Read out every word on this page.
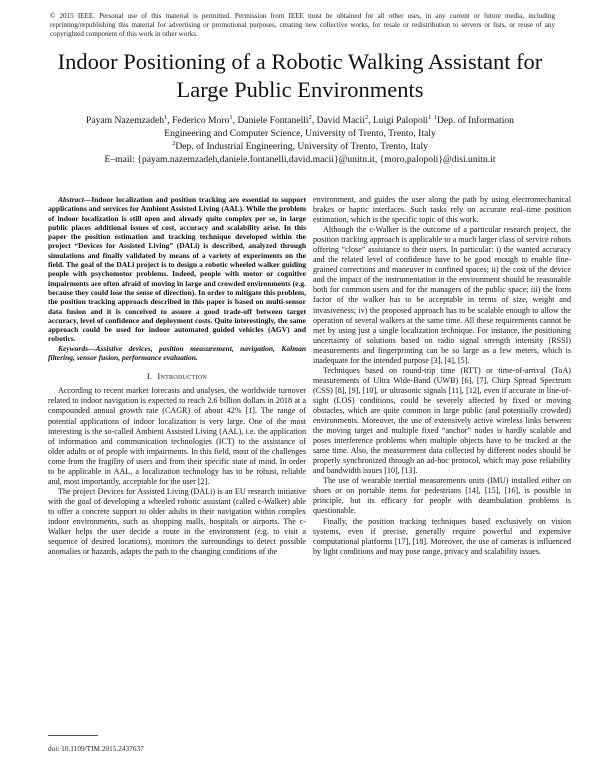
© 2015 IEEE. Personal use of this material is permitted. Permission from IEEE must be obtained for all other uses, in any current or future media, including reprinting/republishing this material for advertising or promotional purposes, creating new collective works, for resale or redistribution to servers or lists, or reuse of any copyrighted component of this work in other works.
Indoor Positioning of a Robotic Walking Assistant for Large Public Environments
Payam Nazemzadeh$^1$, Federico Moro$^1$, Daniele Fontanelli$^2$, David Macii$^2$, Luigi Palopoli$^1$ $^1$Dep. of Information
Engineering and Computer Science, University of Trento, Trento, Italy
$^2$Dep. of Industrial Engineering, University of Trento, Trento, Italy
E–mail: {payam.nazemzadeh,daniele.fontanelli,david.macii}@unitn.it, {moro,palopoli}@disi.unitn.it

Abstract—Indoor localization and position tracking are essential to support applications and services for Ambient Assisted Living (AAL). While the problem of indoor localization is still open and already quite complex per se, in large public places additional issues of cost, accuracy and scalability arise. In this paper the position estimation and tracking technique developed within the project “Devices for Assisted Living” (DALi) is described, analyzed through simulations and finally validated by means of a variety of experiments on the field. The goal of the DALi project is to design a robotic wheeled walker guiding people with psychomotor problems. Indeed, people with motor or cognitive impairments are often afraid of moving in large and crowded environments (e.g. because they could lose the sense of direction). In order to mitigate this problem, the position tracking approach described in this paper is based on multi-sensor data fusion and it is conceived to assure a good trade-off between target accuracy, level of confidence and deployment costs. Quite interestingly, the same approach could be used for indoor automated guided vehicles (AGV) and robotics.

Keywords—Assistive devices, position measurement, navigation, Kalman filtering, sensor fusion, performance evaluation.

I. Introduction

According to recent market forecasts and analyses, the worldwide turnover related to indoor navigation is expected to reach 2.6 billion dollars in 2018 at a compounded annual growth rate (CAGR) of about 42% [1]. The range of potential applications of indoor localization is very large. One of the most interesting is the so-called Ambient Assisted Living (AAL), i.e. the application of information and communication technologies (ICT) to the assistance of older adults or of people with impairments. In this field, most of the challenges come from the fragility of users and from their specific state of mind. In order to be applicable in AAL, a localization technology has to be robust, reliable and, most importantly, acceptable for the user [2].

The project Devices for Assisted Living (DALi) is an EU research initiative with the goal of developing a wheeled robotic assistant (called c-Walker) able to offer a concrete support to older adults in their navigation within complex indoor environments, such as shopping malls, hospitals or airports. The c-Walker helps the user decide a route in the environment (e.g. to visit a sequence of desired locations), monitors the surroundings to detect possible anomalies or hazards, adapts the path to the changing conditions of the

environment, and guides the user along the path by using electromechanical brakes or haptic interfaces. Such tasks rely on accurate real–time position estimation, which is the specific topic of this work.

Although the c-Walker is the outcome of a particular research project, the position tracking approach is applicable to a much larger class of service robots offering “close” assistance to their users. In particular: i) the wanted accuracy and the related level of confidence have to be good enough to enable fine-grained corrections and maneuver in confined spaces; ii) the cost of the device and the impact of the instrumentation in the environment should be reasonable both for common users and for the managers of the public space; iii) the form factor of the walker has to be acceptable in terms of size, weight and invasiveness; iv) the proposed approach has to be scalable enough to allow the operation of several walkers at the same time. All these requirements cannot be met by using just a single localization technique. For instance, the positioning uncertainty of solutions based on radio signal strength intensity (RSSI) measurements and fingerprinting can be so large as a few meters, which is inadequate for the intended purpose [3], [4], [5].

Techniques based on round-trip time (RTT) or time-of-arrival (ToA) measurements of Ultra Wide-Band (UWB) [6], [7], Chirp Spread Spectrum (CSS) [8], [9], [10], or ultrasonic signals [11], [12], even if accurate in line-of-sight (LOS) conditions, could be severely affected by fixed or moving obstacles, which are quite common in large public (and potentially crowded) environments. Moreover, the use of extensively active wireless links between the moving target and multiple fixed “anchor” nodes is hardly scalable and poses interference problems when multiple objects have to be tracked at the same time. Also, the measurement data collected by different nodes should be properly synchronized through an ad-hoc protocol, which may pose reliability and bandwidth issues [10], [13].

The use of wearable inertial measurements units (IMU) installed either on shoes or on portable items for pedestrians [14], [15], [16], is possible in principle, but its efficacy for people with deambulation problems is questionable.

Finally, the position tracking techniques based exclusively on vision systems, even if precise, generally require powerful and expensive computational platforms [17], [18]. Moreover, the use of cameras is influenced by light conditions and may pose range, privacy and scalability issues.

doi: 10.1109/TIM.2015.2437637
